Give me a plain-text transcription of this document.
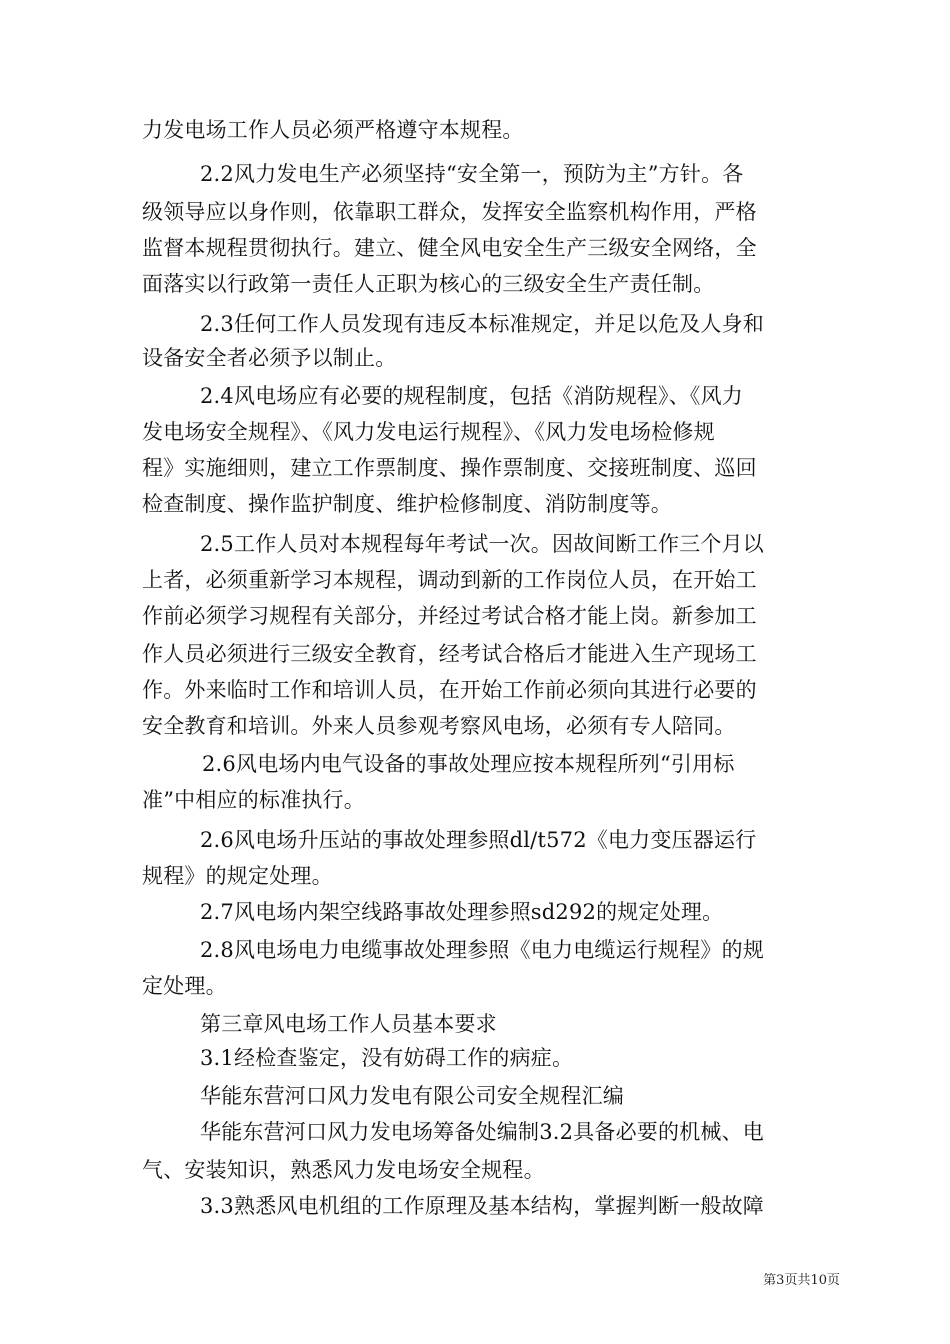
力发电场工作人员必须严格遵守本规程。
2.2风力发电生产必须坚持“安全第一，预防为主”方针。各
级领导应以身作则，依靠职工群众，发挥安全监察机构作用，严格
监督本规程贯彻执行。建立、健全风电安全生产三级安全网络，全
面落实以行政第一责任人正职为核心的三级安全生产责任制。
2.3任何工作人员发现有违反本标准规定，并足以危及人身和
设备安全者必须予以制止。
2.4风电场应有必要的规程制度，包括《消防规程》、《风力
发电场安全规程》、《风力发电运行规程》、《风力发电场检修规
程》实施细则，建立工作票制度、操作票制度、交接班制度、巡回
检查制度、操作监护制度、维护检修制度、消防制度等。
2.5工作人员对本规程每年考试一次。因故间断工作三个月以
上者，必须重新学习本规程，调动到新的工作岗位人员，在开始工
作前必须学习规程有关部分，并经过考试合格才能上岗。新参加工
作人员必须进行三级安全教育，经考试合格后才能进入生产现场工
作。外来临时工作和培训人员，在开始工作前必须向其进行必要的
安全教育和培训。外来人员参观考察风电场，必须有专人陪同。
2.6风电场内电气设备的事故处理应按本规程所列“引用标
准”中相应的标准执行。
2.6风电场升压站的事故处理参照dl/t572《电力变压器运行
规程》的规定处理。
2.7风电场内架空线路事故处理参照sd292的规定处理。
2.8风电场电力电缆事故处理参照《电力电缆运行规程》的规
定处理。
第三章风电场工作人员基本要求
3.1经检查鉴定，没有妨碍工作的病症。
华能东营河口风力发电有限公司安全规程汇编
华能东营河口风力发电场筹备处编制3.2具备必要的机械、电
气、安装知识，熟悉风力发电场安全规程。
3.3熟悉风电机组的工作原理及基本结构，掌握判断一般故障
第3页共10页
